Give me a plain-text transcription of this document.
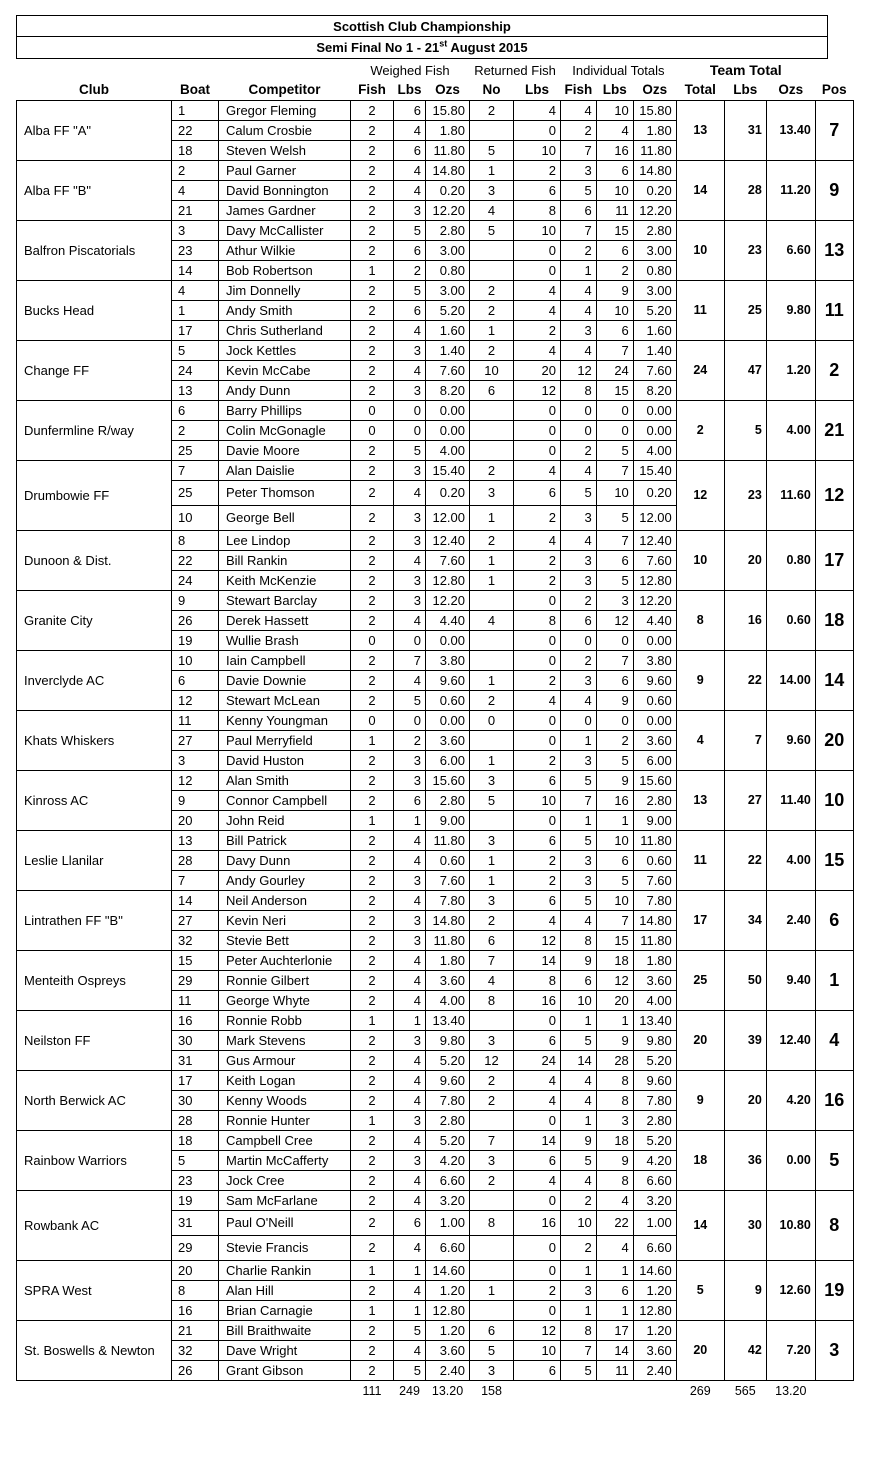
Scottish Club Championship
Semi Final No 1 - 21st August 2015
			Weighed Fish			Returned Fish		Individual Totals			Team Total			
Club	Boat	Competitor	Fish	Lbs	Ozs	No	Lbs	Fish	Lbs	Ozs	Total	Lbs	Ozs	Pos
Alba FF "A"	1	Gregor Fleming	2	6	15.80	2	4	4	10	15.80	13	31	13.40	7
	22	Calum Crosbie	2	4	1.80		0	2	4	1.80				
	18	Steven Welsh	2	6	11.80	5	10	7	16	11.80				
Alba FF "B"	2	Paul Garner	2	4	14.80	1	2	3	6	14.80	14	28	11.20	9
	4	David Bonnington	2	4	0.20	3	6	5	10	0.20				
	21	James Gardner	2	3	12.20	4	8	6	11	12.20				
Balfron Piscatorials	3	Davy McCallister	2	5	2.80	5	10	7	15	2.80	10	23	6.60	13
	23	Athur Wilkie	2	6	3.00		0	2	6	3.00				
	14	Bob Robertson	1	2	0.80		0	1	2	0.80				
Bucks Head	4	Jim Donnelly	2	5	3.00	2	4	4	9	3.00	11	25	9.80	11
	1	Andy Smith	2	6	5.20	2	4	4	10	5.20				
	17	Chris Sutherland	2	4	1.60	1	2	3	6	1.60				
Change FF	5	Jock Kettles	2	3	1.40	2	4	4	7	1.40	24	47	1.20	2
	24	Kevin McCabe	2	4	7.60	10	20	12	24	7.60				
	13	Andy Dunn	2	3	8.20	6	12	8	15	8.20				
Dunfermline R/way	6	Barry Phillips	0	0	0.00		0	0	0	0.00	2	5	4.00	21
	2	Colin McGonagle	0	0	0.00		0	0	0	0.00				
	25	Davie Moore	2	5	4.00		0	2	5	4.00				
Drumbowie FF	7	Alan Daislie	2	3	15.40	2	4	4	7	15.40	12	23	11.60	12
	25	Peter Thomson	2	4	0.20	3	6	5	10	0.20				
	10	George Bell	2	3	12.00	1	2	3	5	12.00				
Dunoon & Dist.	8	Lee Lindop	2	3	12.40	2	4	4	7	12.40	10	20	0.80	17
	22	Bill Rankin	2	4	7.60	1	2	3	6	7.60				
	24	Keith McKenzie	2	3	12.80	1	2	3	5	12.80				
Granite City	9	Stewart Barclay	2	3	12.20		0	2	3	12.20	8	16	0.60	18
	26	Derek Hassett	2	4	4.40	4	8	6	12	4.40				
	19	Wullie Brash	0	0	0.00		0	0	0	0.00				
Inverclyde AC	10	Iain Campbell	2	7	3.80		0	2	7	3.80	9	22	14.00	14
	6	Davie Downie	2	4	9.60	1	2	3	6	9.60				
	12	Stewart McLean	2	5	0.60	2	4	4	9	0.60				
Khats Whiskers	11	Kenny Youngman	0	0	0.00	0	0	0	0	0.00	4	7	9.60	20
	27	Paul Merryfield	1	2	3.60		0	1	2	3.60				
	3	David Huston	2	3	6.00	1	2	3	5	6.00				
Kinross AC	12	Alan Smith	2	3	15.60	3	6	5	9	15.60	13	27	11.40	10
	9	Connor Campbell	2	6	2.80	5	10	7	16	2.80				
	20	John Reid	1	1	9.00		0	1	1	9.00				
Leslie Llanilar	13	Bill Patrick	2	4	11.80	3	6	5	10	11.80	11	22	4.00	15
	28	Davy Dunn	2	4	0.60	1	2	3	6	0.60				
	7	Andy Gourley	2	3	7.60	1	2	3	5	7.60				
Lintrathen FF "B"	14	Neil Anderson	2	4	7.80	3	6	5	10	7.80	17	34	2.40	6
	27	Kevin Neri	2	3	14.80	2	4	4	7	14.80				
	32	Stevie Bett	2	3	11.80	6	12	8	15	11.80				
Menteith Ospreys	15	Peter Auchterlonie	2	4	1.80	7	14	9	18	1.80	25	50	9.40	1
	29	Ronnie Gilbert	2	4	3.60	4	8	6	12	3.60				
	11	George Whyte	2	4	4.00	8	16	10	20	4.00				
Neilston FF	16	Ronnie Robb	1	1	13.40		0	1	1	13.40	20	39	12.40	4
	30	Mark Stevens	2	3	9.80	3	6	5	9	9.80				
	31	Gus Armour	2	4	5.20	12	24	14	28	5.20				
North Berwick AC	17	Keith Logan	2	4	9.60	2	4	4	8	9.60	9	20	4.20	16
	30	Kenny Woods	2	4	7.80	2	4	4	8	7.80				
	28	Ronnie Hunter	1	3	2.80		0	1	3	2.80				
Rainbow Warriors	18	Campbell Cree	2	4	5.20	7	14	9	18	5.20	18	36	0.00	5
	5	Martin McCafferty	2	3	4.20	3	6	5	9	4.20				
	23	Jock Cree	2	4	6.60	2	4	4	8	6.60				
Rowbank AC	19	Sam McFarlane	2	4	3.20		0	2	4	3.20	14	30	10.80	8
	31	Paul O'Neill	2	6	1.00	8	16	10	22	1.00				
	29	Stevie Francis	2	4	6.60		0	2	4	6.60				
SPRA West	20	Charlie Rankin	1	1	14.60		0	1	1	14.60	5	9	12.60	19
	8	Alan Hill	2	4	1.20	1	2	3	6	1.20				
	16	Brian Carnagie	1	1	12.80		0	1	1	12.80				
St. Boswells & Newton	21	Bill Braithwaite	2	5	1.20	6	12	8	17	1.20	20	42	7.20	3
	32	Dave Wright	2	4	3.60	5	10	7	14	3.60				
	26	Grant Gibson	2	5	2.40	3	6	5	11	2.40				
			111	249	13.20	158					269	565	13.20	
